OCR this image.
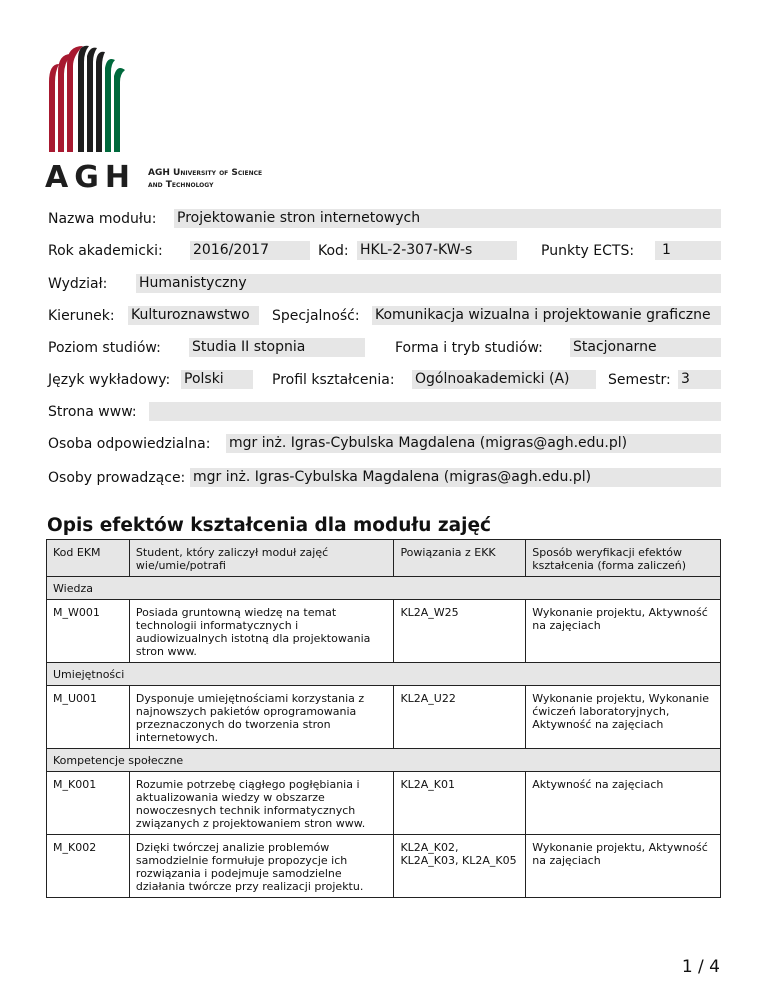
AGH AGH University of Science
and Technology
Nazwa modułu: Projektowanie stron internetowych
Rok akademicki: 2016/2017	Kod: HKL-2-307-KW-s	Punkty ECTS:	1
Wydział: Humanistyczny
Kierunek: Kulturoznawstwo	Specjalność: Komunikacja wizualna i projektowanie graficzne
Poziom studiów: Studia II stopnia	Forma i tryb studiów: Stacjonarne
Język wykładowy: Polski	Profil kształcenia: Ogólnoakademicki (A)	Semestr: 3
Strona www:
Osoba odpowiedzialna: mgr inż. Igras-Cybulska Magdalena (migras@agh.edu.pl)
Osoby prowadzące: mgr inż. Igras-Cybulska Magdalena (migras@agh.edu.pl)
Opis efektów kształcenia dla modułu zajęć
Kod EKM	Student, który zaliczył moduł zajęć wie/umie/potrafi	Powiązania z EKK	Sposób weryfikacji efektów kształcenia (forma zaliczeń)
Wiedza			
M_W001	Posiada gruntowną wiedzę na temat technologii informatycznych i audiowizualnych istotną dla projektowania stron www.	KL2A_W25	Wykonanie projektu, Aktywność na zajęciach
Umiejętności			
M_U001	Dysponuje umiejętnościami korzystania z najnowszych pakietów oprogramowania przeznaczonych do tworzenia stron internetowych.	KL2A_U22	Wykonanie projektu, Wykonanie ćwiczeń laboratoryjnych, Aktywność na zajęciach
Kompetencje społeczne			
M_K001	Rozumie potrzebę ciągłego pogłębiania i aktualizowania wiedzy w obszarze nowoczesnych technik informatycznych związanych z projektowaniem stron www.	KL2A_K01	Aktywność na zajęciach
M_K002	Dzięki twórczej analizie problemów samodzielnie formułuje propozycje ich rozwiązania i podejmuje samodzielne działania twórcze przy realizacji projektu.	KL2A_K02, KL2A_K03, KL2A_K05	Wykonanie projektu, Aktywność na zajęciach
1 / 4
